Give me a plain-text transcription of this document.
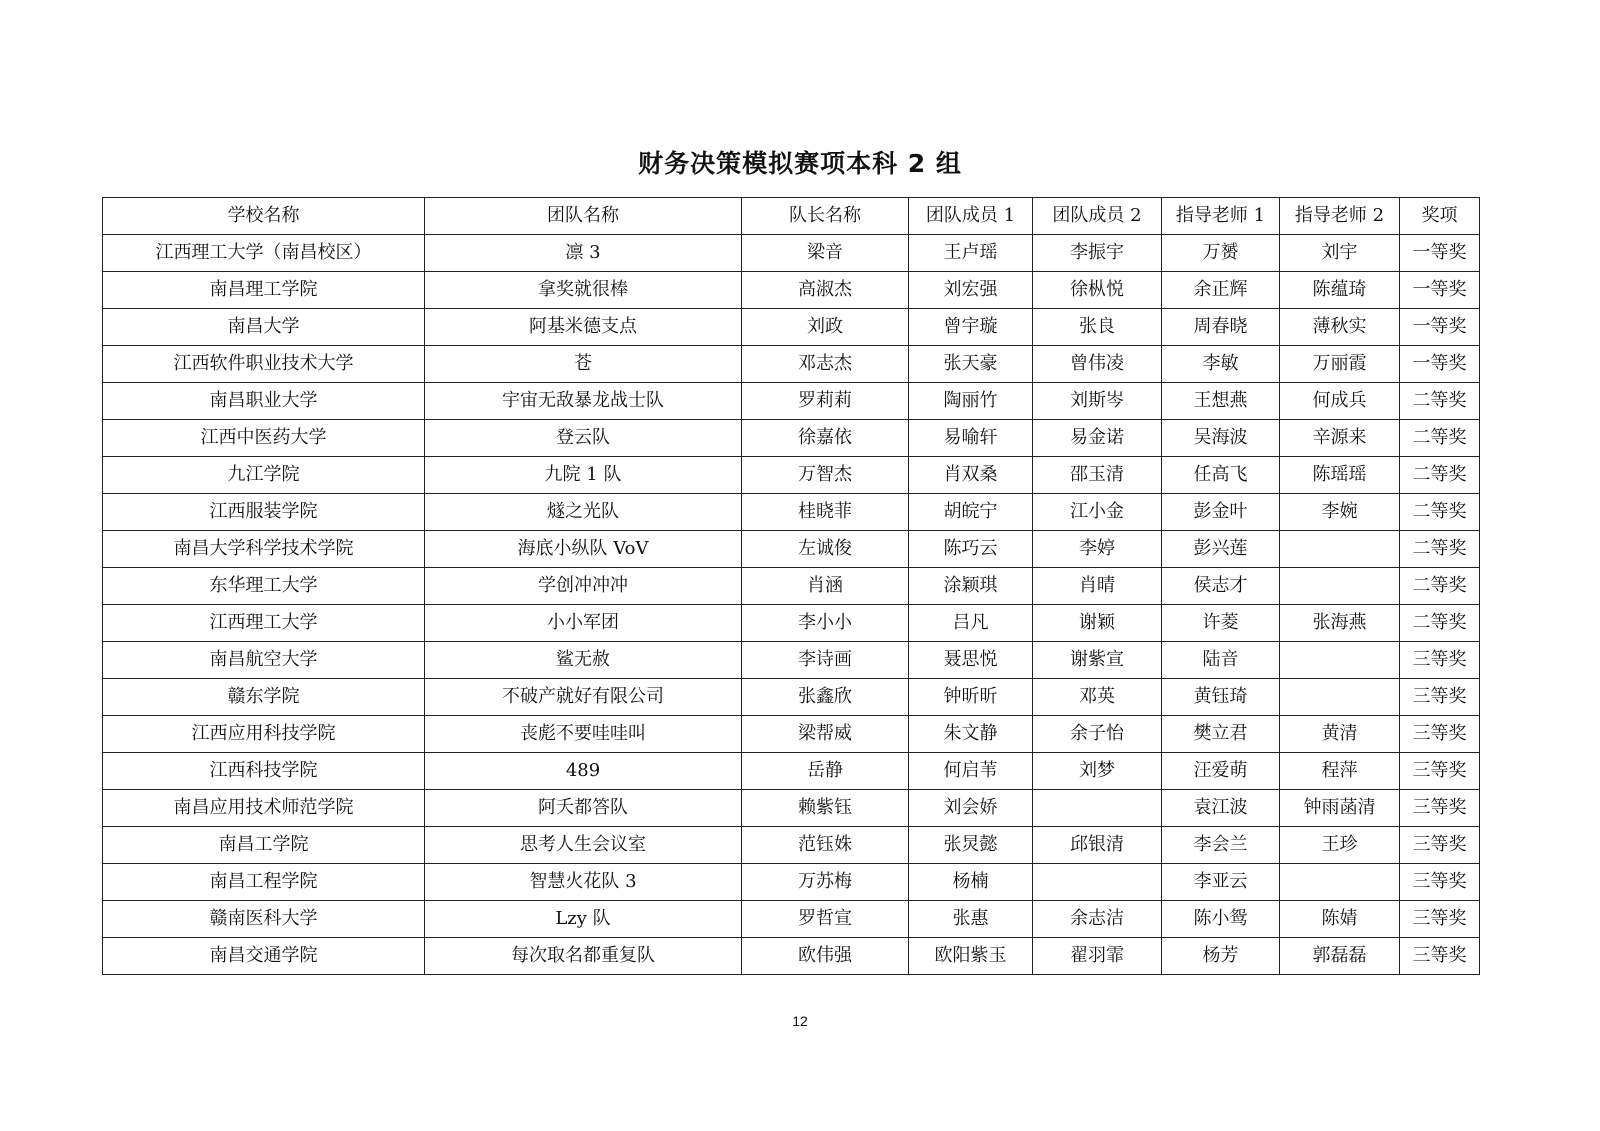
财务决策模拟赛项本科 2 组
学校名称	团队名称	队长名称	团队成员 1	团队成员 2	指导老师 1	指导老师 2	奖项
江西理工大学（南昌校区）	凛 3	梁音	王卢瑶	李振宇	万赟	刘宇	一等奖
南昌理工学院	拿奖就很棒	高淑杰	刘宏强	徐枞悦	余正辉	陈蕴琦	一等奖
南昌大学	阿基米德支点	刘政	曾宇璇	张良	周春晓	薄秋实	一等奖
江西软件职业技术大学	苍	邓志杰	张天豪	曾伟凌	李敏	万丽霞	一等奖
南昌职业大学	宇宙无敌暴龙战士队	罗莉莉	陶丽竹	刘斯岑	王想燕	何成兵	二等奖
江西中医药大学	登云队	徐嘉依	易喻轩	易金诺	吴海波	辛源来	二等奖
九江学院	九院 1 队	万智杰	肖双桑	邵玉清	任高飞	陈瑶瑶	二等奖
江西服装学院	燧之光队	桂晓菲	胡皖宁	江小金	彭金叶	李婉	二等奖
南昌大学科学技术学院	海底小纵队 VoV	左诚俊	陈巧云	李婷	彭兴莲		二等奖
东华理工大学	学创冲冲冲	肖涵	涂颖琪	肖晴	侯志才		二等奖
江西理工大学	小小军团	李小小	吕凡	谢颖	许菱	张海燕	二等奖
南昌航空大学	鲨无赦	李诗画	聂思悦	谢紫宣	陆音		三等奖
赣东学院	不破产就好有限公司	张鑫欣	钟昕昕	邓英	黄钰琦		三等奖
江西应用科技学院	丧彪不要哇哇叫	梁帮威	朱文静	余子怡	樊立君	黄清	三等奖
江西科技学院	489	岳静	何启苇	刘梦	汪爱萌	程萍	三等奖
南昌应用技术师范学院	阿夭都答队	赖紫钰	刘会娇		袁江波	钟雨菡清	三等奖
南昌工学院	思考人生会议室	范钰姝	张炅懿	邱银清	李会兰	王珍	三等奖
南昌工程学院	智慧火花队 3	万苏梅	杨楠		李亚云		三等奖
赣南医科大学	Lzy 队	罗哲宣	张惠	余志洁	陈小鸳	陈婧	三等奖
南昌交通学院	每次取名都重复队	欧伟强	欧阳紫玉	翟羽霏	杨芳	郭磊磊	三等奖
12
